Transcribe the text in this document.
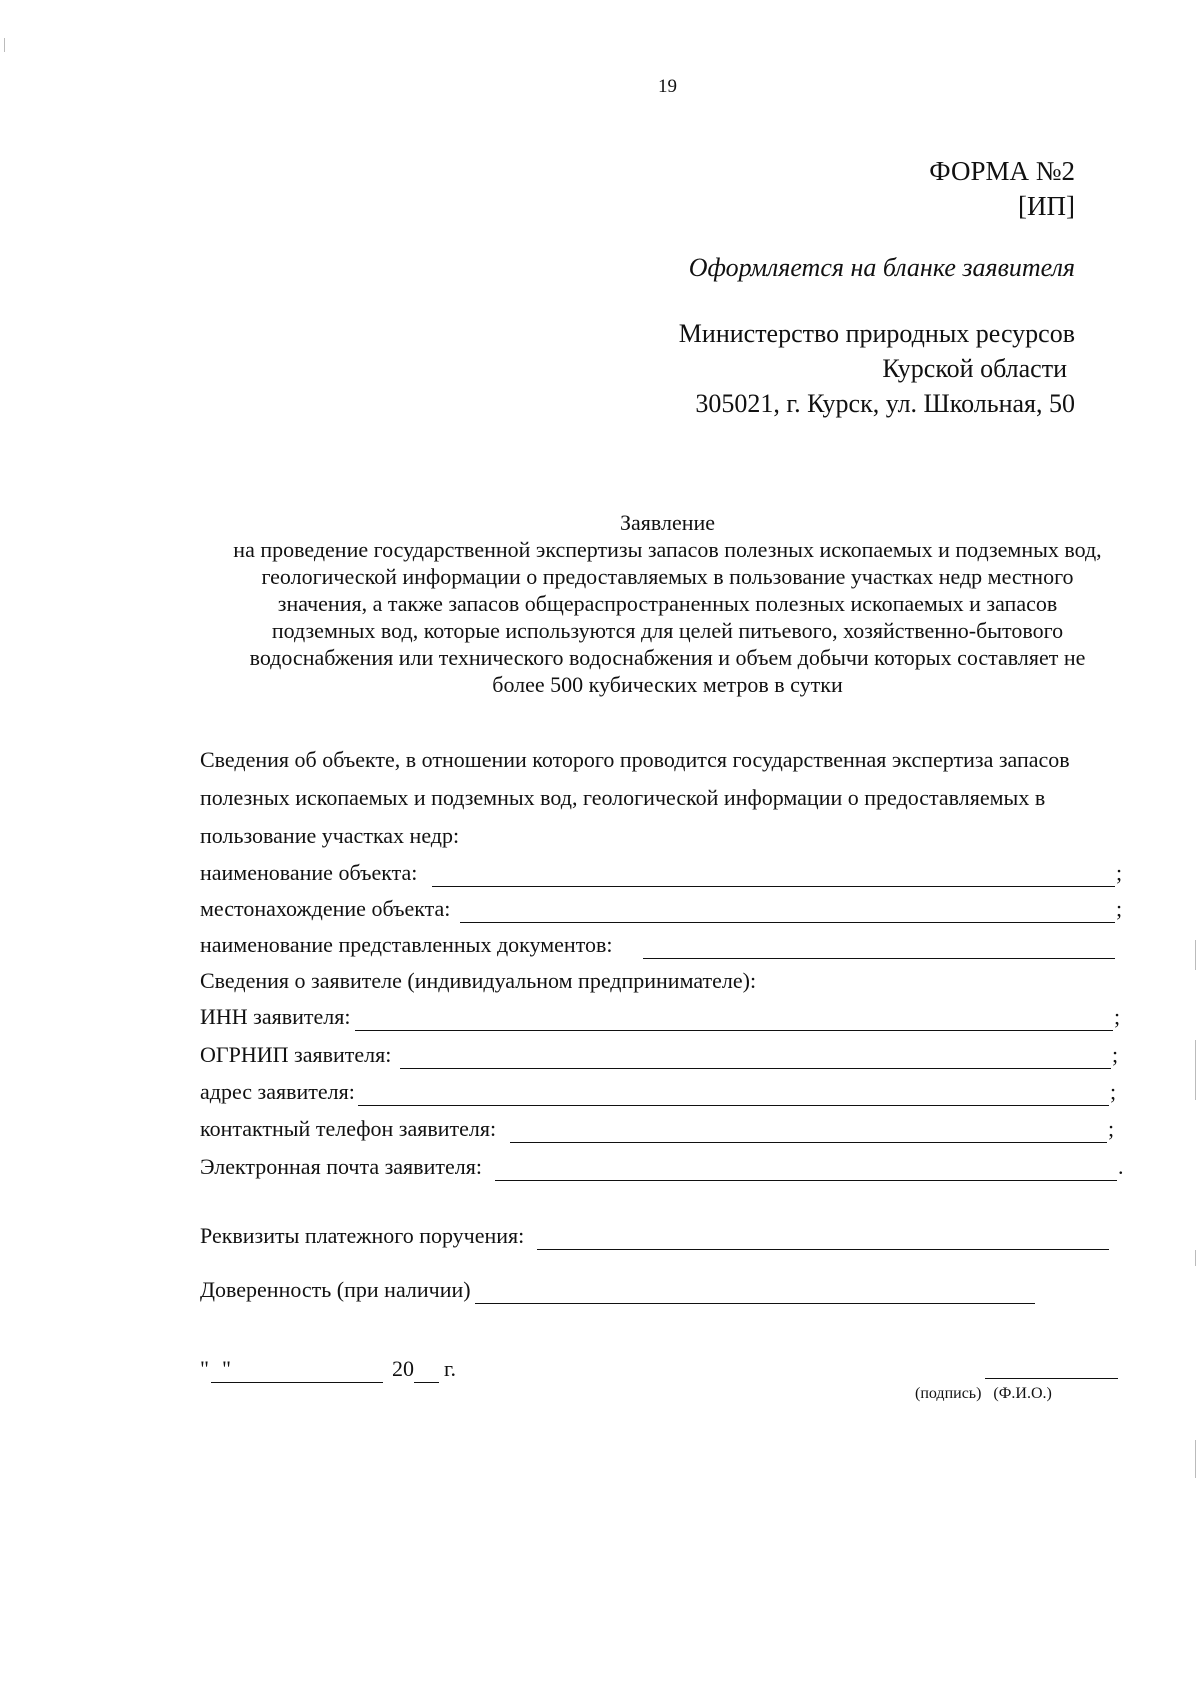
19
ФОРМА №2
[ИП]
Оформляется на бланке заявителя
Министерство природных ресурсов
Курской области
305021, г. Курск, ул. Школьная, 50
Заявление
на проведение государственной экспертизы запасов полезных ископаемых и подземных вод,
геологической информации о предоставляемых в пользование участках недр местного
значения, а также запасов общераспространенных полезных ископаемых и запасов
подземных вод, которые используются для целей питьевого, хозяйственно-бытового
водоснабжения или технического водоснабжения и объем добычи которых составляет не
более 500 кубических метров в сутки
Сведения об объекте, в отношении которого проводится государственная экспертиза запасов
полезных ископаемых и подземных вод, геологической информации о предоставляемых в
пользование участках недр:
наименование объекта:	;
местонахождение объекта:	;
наименование представленных документов:
Сведения о заявителе (индивидуальном предпринимателе):
ИНН заявителя:	;
ОГРНИП заявителя:	;
адрес заявителя:	;
контактный телефон заявителя:	;
Электронная почта заявителя:	.
Реквизиты платежного поручения:
Доверенность (при наличии)
" "	20 г.
(подпись)   (Ф.И.О.)
